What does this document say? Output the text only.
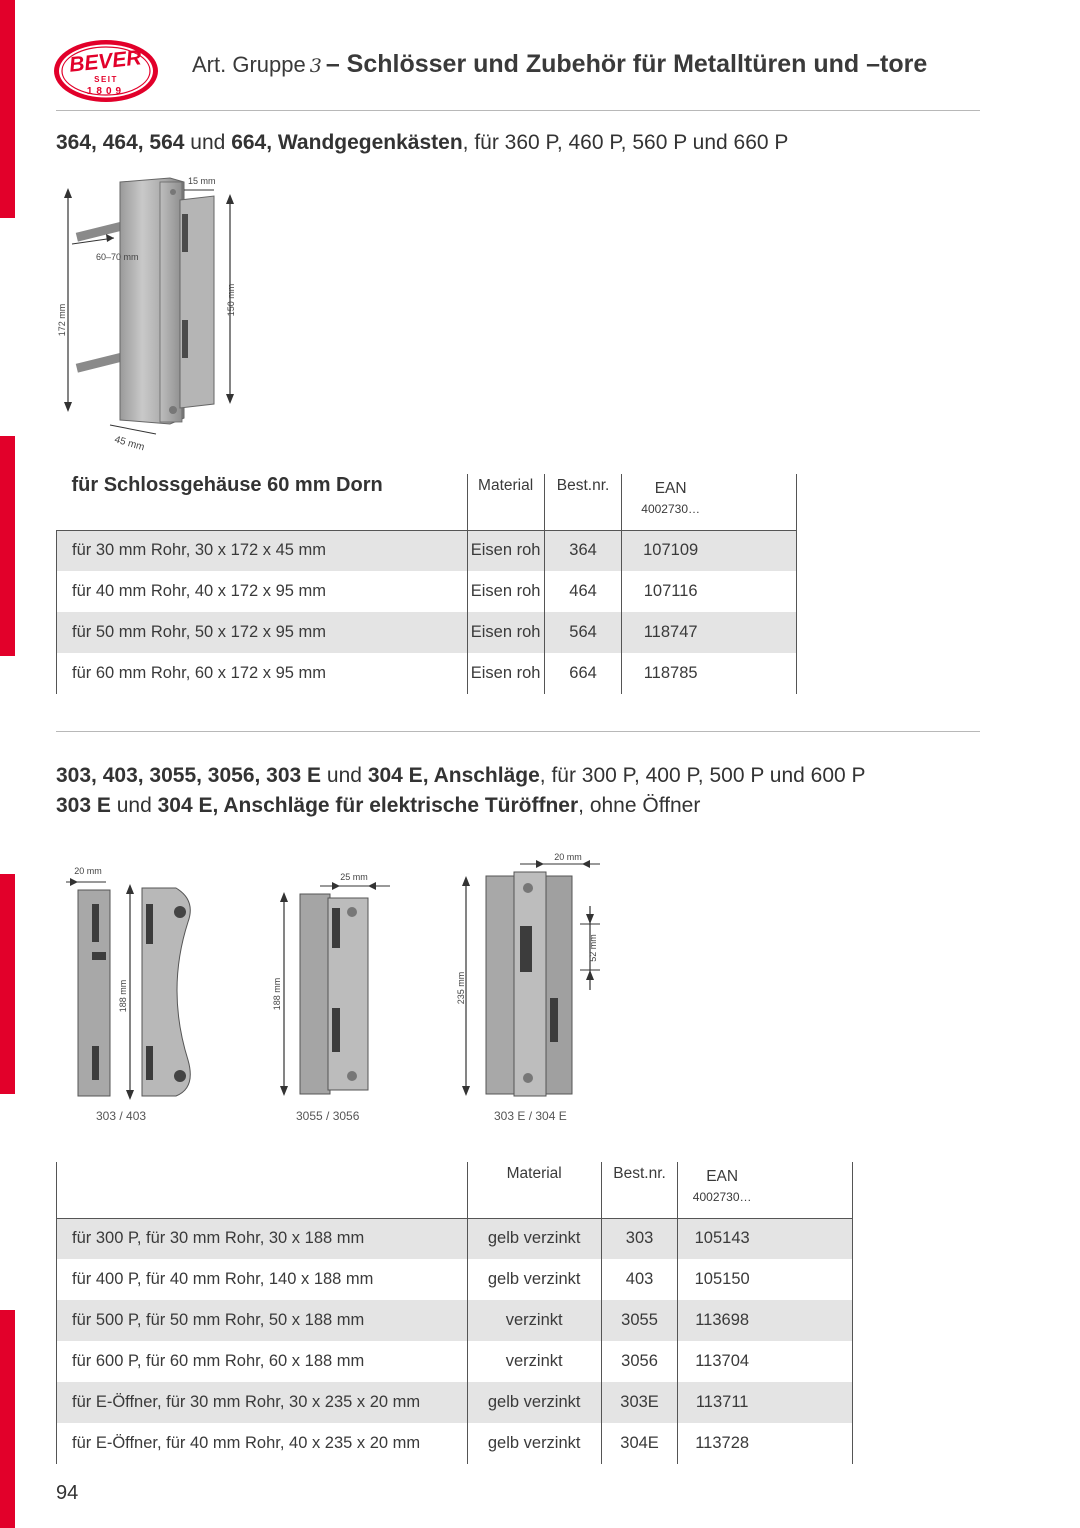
BEVER
SEIT
1809
Art. Gruppe 3 – Schlösser und Zubehör für Metalltüren und –tore
364, 464, 564 und 664, Wandgegenkästen, für 360 P, 460 P, 560 P und 660 P
15 mm
60–70 mm
172 mm
150 mm
45 mm
für Schlossgehäuse 60 mm Dorn	Material	Best.nr.	EAN
4002730…	

für 30 mm Rohr, 30 x 172 x 45 mm	Eisen roh	364	107109	
für 40 mm Rohr, 40 x 172 x 95 mm	Eisen roh	464	107116	
für 50 mm Rohr, 50 x 172 x 95 mm	Eisen roh	564	118747	
für 60 mm Rohr, 60 x 172 x 95 mm	Eisen roh	664	118785	
303, 403, 3055, 3056, 303 E und 304 E, Anschläge, für 300 P, 400 P, 500 P und 600 P
303 E und 304 E, Anschläge für elektrische Türöffner, ohne Öffner
20 mm
188 mm
303 / 403
25 mm
188 mm
3055 / 3056
20 mm
235 mm
52 mm
303 E / 304 E
	Material	Best.nr.	EAN
4002730…	

für 300 P, für 30 mm Rohr, 30 x 188 mm	gelb verzinkt	303	105143	
für 400 P, für 40 mm Rohr, 140 x 188 mm	gelb verzinkt	403	105150	
für 500 P, für 50 mm Rohr, 50 x 188 mm	verzinkt	3055	113698	
für 600 P, für 60 mm Rohr, 60 x 188 mm	verzinkt	3056	113704	
für E-Öffner, für 30 mm Rohr, 30 x 235 x 20 mm	gelb verzinkt	303E	113711	
für E-Öffner, für 40 mm Rohr, 40 x 235 x 20 mm	gelb verzinkt	304E	113728	
94
